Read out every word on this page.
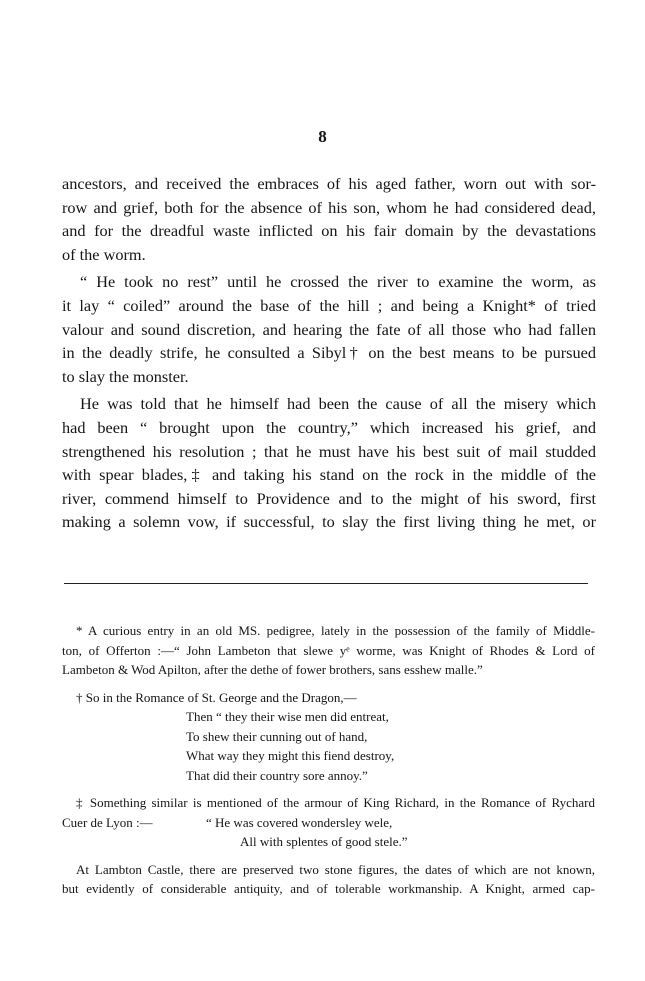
8
ancestors, and received the embraces of his aged father, worn out with sor-
row and grief, both for the absence of his son, whom he had considered dead,
and for the dreadful waste inflicted on his fair domain by the devastations
of the worm.
“ He took no rest” until he crossed the river to examine the worm, as
it lay “ coiled” around the base of the hill ; and being a Knight* of tried
valour and sound discretion, and hearing the fate of all those who had fallen
in the deadly strife, he consulted a Sibyl† on the best means to be pursued
to slay the monster.
He was told that he himself had been the cause of all the misery which
had been “ brought upon the country,” which increased his grief, and
strengthened his resolution ; that he must have his best suit of mail studded
with spear blades,‡ and taking his stand on the rock in the middle of the
river, commend himself to Providence and to the might of his sword, first
making a solemn vow, if successful, to slay the first living thing he met, or
* A curious entry in an old MS. pedigree, lately in the possession of the family of Middle-
ton, of Offerton :—“ John Lambeton that slewe yᵉ worme, was Knight of Rhodes & Lord of
Lambeton & Wod Apilton, after the dethe of fower brothers, sans esshew malle.”
† So in the Romance of St. George and the Dragon,—
Then “ they their wise men did entreat,
To shew their cunning out of hand,
What way they might this fiend destroy,
That did their country sore annoy.”
‡ Something similar is mentioned of the armour of King Richard, in the Romance of Rychard
Cuer de Lyon :—	“ He was covered wondersley wele,
All with splentes of good stele.”
At Lambton Castle, there are preserved two stone figures, the dates of which are not known,
but evidently of considerable antiquity, and of tolerable workmanship. A Knight, armed cap-
